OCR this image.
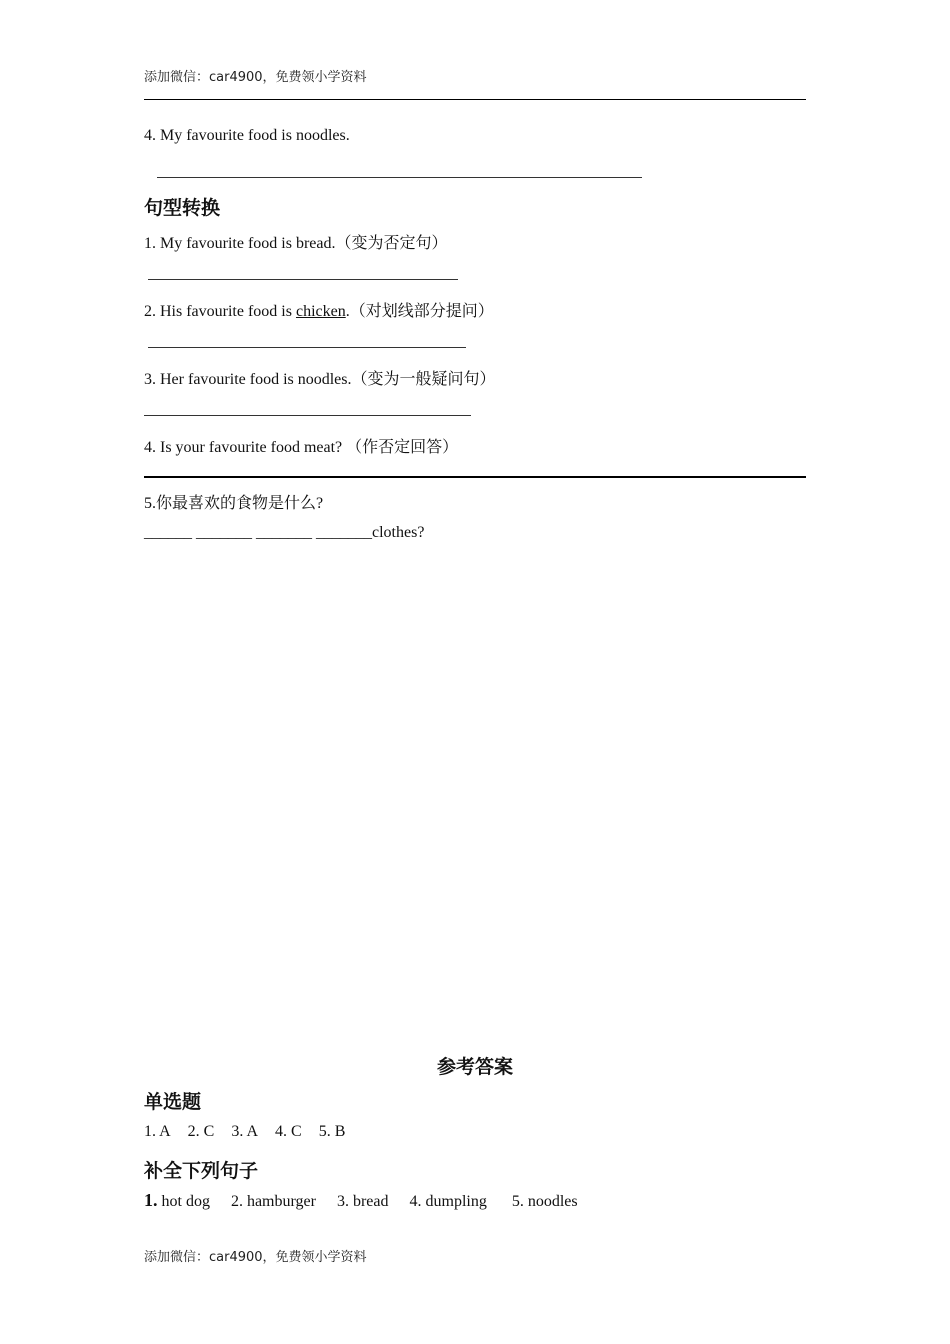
添加微信：car4900，免费领小学资料
4. My favourite food is noodles.
句型转换
1. My favourite food is bread.（变为否定句）
2. His favourite food is chicken.（对划线部分提问）
3. Her favourite food is noodles.（变为一般疑问句）
4. Is your favourite food meat? （作否定回答）
5.你最喜欢的食物是什么?
______ _______ _______ _______clothes?
参考答案
单选题
1. A 2. C 3. A 4. C 5. B
补全下列句子
1. hot dog 2. hamburger 3. bread 4. dumpling 5. noodles
添加微信：car4900，免费领小学资料
